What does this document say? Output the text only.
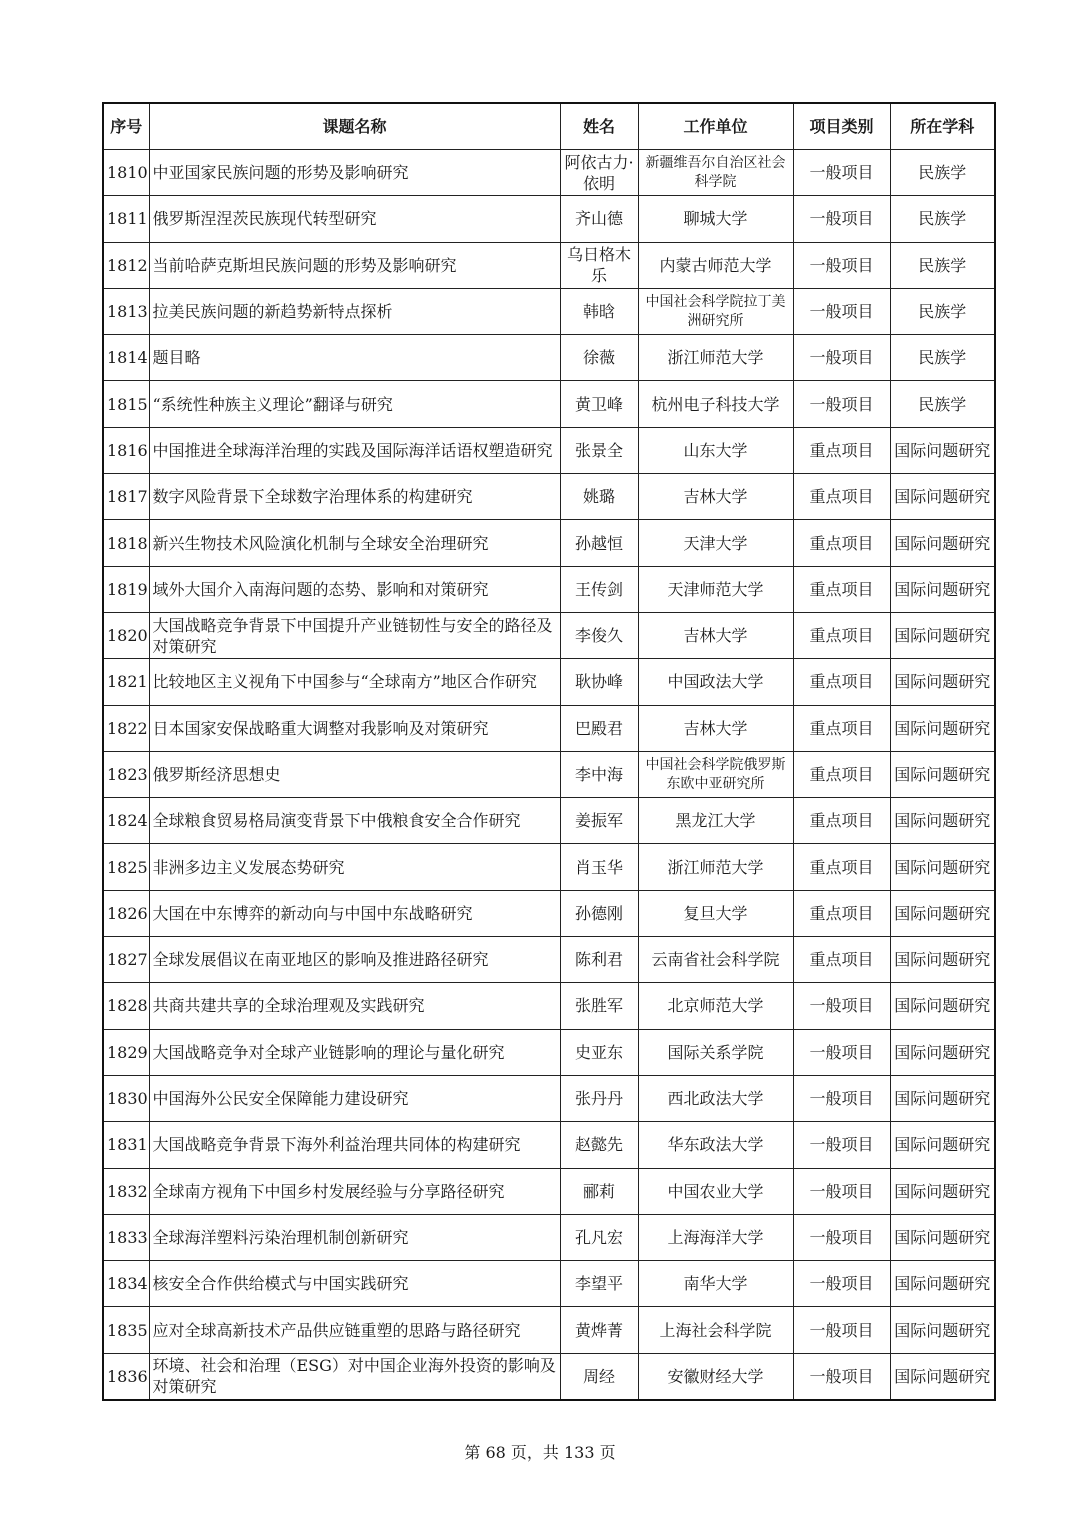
序号	课题名称	姓名	工作单位	项目类别	所在学科
1810	中亚国家民族问题的形势及影响研究	阿依古力·依明	新疆维吾尔自治区社会科学院	一般项目	民族学
1811	俄罗斯涅涅茨民族现代转型研究	齐山德	聊城大学	一般项目	民族学
1812	当前哈萨克斯坦民族问题的形势及影响研究	乌日格木乐	内蒙古师范大学	一般项目	民族学
1813	拉美民族问题的新趋势新特点探析	韩晗	中国社会科学院拉丁美洲研究所	一般项目	民族学
1814	题目略	徐薇	浙江师范大学	一般项目	民族学
1815	“系统性种族主义理论”翻译与研究	黄卫峰	杭州电子科技大学	一般项目	民族学
1816	中国推进全球海洋治理的实践及国际海洋话语权塑造研究	张景全	山东大学	重点项目	国际问题研究
1817	数字风险背景下全球数字治理体系的构建研究	姚璐	吉林大学	重点项目	国际问题研究
1818	新兴生物技术风险演化机制与全球安全治理研究	孙越恒	天津大学	重点项目	国际问题研究
1819	域外大国介入南海问题的态势、影响和对策研究	王传剑	天津师范大学	重点项目	国际问题研究
1820	大国战略竞争背景下中国提升产业链韧性与安全的路径及对策研究	李俊久	吉林大学	重点项目	国际问题研究
1821	比较地区主义视角下中国参与“全球南方”地区合作研究	耿协峰	中国政法大学	重点项目	国际问题研究
1822	日本国家安保战略重大调整对我影响及对策研究	巴殿君	吉林大学	重点项目	国际问题研究
1823	俄罗斯经济思想史	李中海	中国社会科学院俄罗斯东欧中亚研究所	重点项目	国际问题研究
1824	全球粮食贸易格局演变背景下中俄粮食安全合作研究	姜振军	黑龙江大学	重点项目	国际问题研究
1825	非洲多边主义发展态势研究	肖玉华	浙江师范大学	重点项目	国际问题研究
1826	大国在中东博弈的新动向与中国中东战略研究	孙德刚	复旦大学	重点项目	国际问题研究
1827	全球发展倡议在南亚地区的影响及推进路径研究	陈利君	云南省社会科学院	重点项目	国际问题研究
1828	共商共建共享的全球治理观及实践研究	张胜军	北京师范大学	一般项目	国际问题研究
1829	大国战略竞争对全球产业链影响的理论与量化研究	史亚东	国际关系学院	一般项目	国际问题研究
1830	中国海外公民安全保障能力建设研究	张丹丹	西北政法大学	一般项目	国际问题研究
1831	大国战略竞争背景下海外利益治理共同体的构建研究	赵懿先	华东政法大学	一般项目	国际问题研究
1832	全球南方视角下中国乡村发展经验与分享路径研究	郦莉	中国农业大学	一般项目	国际问题研究
1833	全球海洋塑料污染治理机制创新研究	孔凡宏	上海海洋大学	一般项目	国际问题研究
1834	核安全合作供给模式与中国实践研究	李望平	南华大学	一般项目	国际问题研究
1835	应对全球高新技术产品供应链重塑的思路与路径研究	黄烨菁	上海社会科学院	一般项目	国际问题研究
1836	环境、社会和治理（ESG）对中国企业海外投资的影响及对策研究	周经	安徽财经大学	一般项目	国际问题研究
第 68 页，共 133 页
